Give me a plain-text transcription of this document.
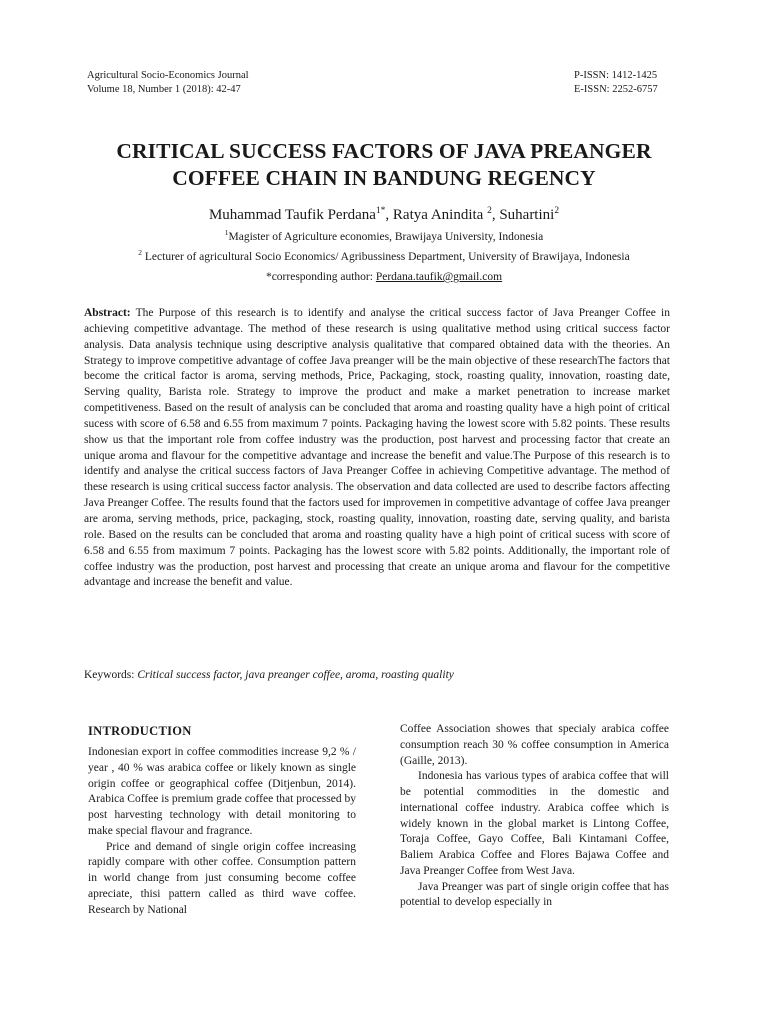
Agricultural Socio-Economics Journal
Volume 18, Number 1 (2018): 42-47
P-ISSN: 1412-1425
E-ISSN: 2252-6757
CRITICAL SUCCESS FACTORS OF JAVA PREANGER
COFFEE CHAIN IN BANDUNG REGENCY
Muhammad Taufik Perdana$^{1*}$, Ratya Anindita $^2$, Suhartini$^2$
$^1$Magister of Agriculture economies, Brawijaya University, Indonesia
$^2$ Lecturer of agricultural Socio Economics/ Agribussiness Department, University of Brawijaya, Indonesia
*corresponding author: Perdana.taufik@gmail.com
Abstract: The Purpose of this research is to identify and analyse the critical success factor of Java Preanger Coffee in achieving competitive advantage. The method of these research is using qualitative method using critical success factor analysis. Data analysis technique using descriptive analysis qualitative that compared obtained data with the theories. An Strategy to improve competitive advantage of coffee Java preanger will be the main objective of these researchThe factors that become the critical factor is aroma, serving methods, Price, Packaging, stock, roasting quality, innovation, roasting date, Serving quality, Barista role. Strategy to improve the product and make a market penetration to increase market competitiveness. Based on the result of analysis can be concluded that aroma and roasting quality have a high point of critical sucess with score of 6.58 and 6.55 from maximum 7 points. Packaging having the lowest score with 5.82 points. These results show us that the important role from coffee industry was the production, post harvest and processing factor that create an unique aroma and flavour for the competitive advantage and increase the benefit and value.The Purpose of this research is to identify and analyse the critical success factors of Java Preanger Coffee in achieving Competitive advantage. The method of these research is using critical success factor analysis. The observation and data collected are used to describe factors affecting Java Preanger Coffee. The results found that the factors used for improvemen in competitive advantage of coffee Java preanger are aroma, serving methods, price, packaging, stock, roasting quality, innovation, roasting date, serving quality, and barista role. Based on the results can be concluded that aroma and roasting quality have a high point of critical sucess with score of 6.58 and 6.55 from maximum 7 points. Packaging has the lowest score with 5.82 points. Additionally, the important role of coffee industry was the production, post harvest and processing that create an unique aroma and flavour for the competitive advantage and increase the benefit and value.
Keywords: Critical success factor, java preanger coffee, aroma, roasting quality
INTRODUCTION

Indonesian export in coffee commodities increase 9,2 % / year , 40 % was arabica coffee or likely known as single origin coffee or geographical coffee (Ditjenbun, 2014). Arabica Coffee is premium grade coffee that processed by post harvesting technology with detail monitoring to make special flavour and fragrance.

Price and demand of single origin coffee increasing rapidly compare with other coffee. Consumption pattern in world change from just consuming become coffee apreciate, thisi pattern called as third wave coffee. Research by National

Coffee Association showes that specialy arabica coffee consumption reach 30 % coffee consumption in America (Gaille, 2013).

Indonesia has various types of arabica coffee that will be potential commodities in the domestic and international coffee industry. Arabica coffee which is widely known in the global market is Lintong Coffee, Toraja Coffee, Gayo Coffee, Bali Kintamani Coffee, Baliem Arabica Coffee and Flores Bajawa Coffee and Java Preanger Coffee from West Java.

Java Preanger was part of single origin coffee that has potential to develop especially in
